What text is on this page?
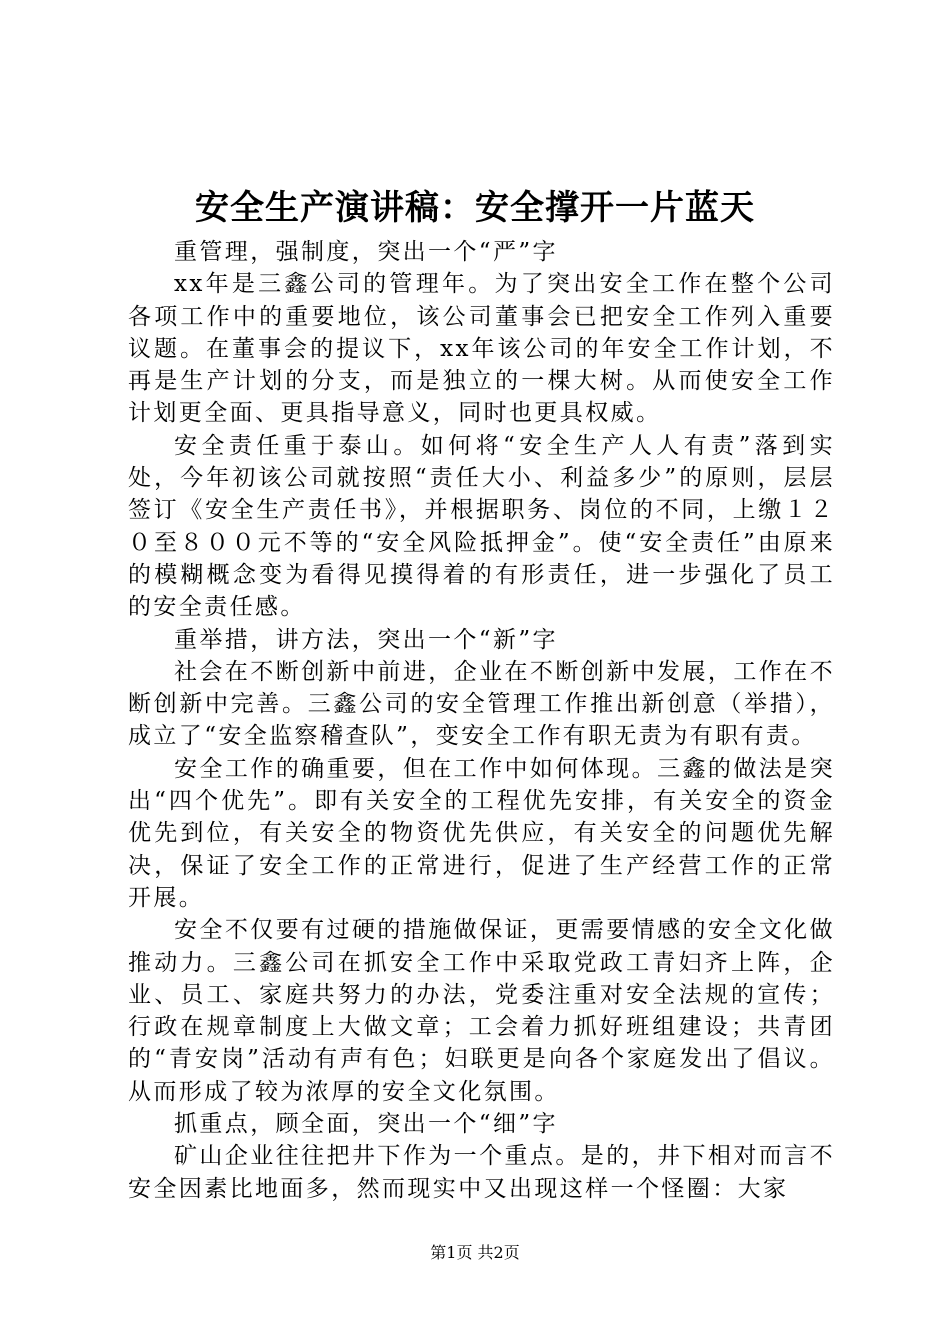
安全生产演讲稿：安全撑开一片蓝天

重管理，强制度，突出一个“严”字

xx年是三鑫公司的管理年。为了突出安全工作在整个公司各项工作中的重要地位，该公司董事会已把安全工作列入重要议题。在董事会的提议下，xx年该公司的年安全工作计划，不再是生产计划的分支，而是独立的一棵大树。从而使安全工作计划更全面、更具指导意义，同时也更具权威。

安全责任重于泰山。如何将“安全生产人人有责”落到实处，今年初该公司就按照“责任大小、利益多少”的原则，层层签订《安全生产责任书》，并根据职务、岗位的不同，上缴１２０至８００元不等的“安全风险抵押金”。使“安全责任”由原来的模糊概念变为看得见摸得着的有形责任，进一步强化了员工的安全责任感。

重举措，讲方法，突出一个“新”字

社会在不断创新中前进，企业在不断创新中发展，工作在不断创新中完善。三鑫公司的安全管理工作推出新创意（举措），成立了“安全监察稽查队”，变安全工作有职无责为有职有责。

安全工作的确重要，但在工作中如何体现。三鑫的做法是突出“四个优先”。即有关安全的工程优先安排，有关安全的资金优先到位，有关安全的物资优先供应，有关安全的问题优先解决，保证了安全工作的正常进行，促进了生产经营工作的正常开展。

安全不仅要有过硬的措施做保证，更需要情感的安全文化做推动力。三鑫公司在抓安全工作中采取党政工青妇齐上阵，企业、员工、家庭共努力的办法，党委注重对安全法规的宣传；行政在规章制度上大做文章；工会着力抓好班组建设；共青团的“青安岗”活动有声有色；妇联更是向各个家庭发出了倡议。从而形成了较为浓厚的安全文化氛围。

抓重点，顾全面，突出一个“细”字

矿山企业往往把井下作为一个重点。是的，井下相对而言不安全因素比地面多，然而现实中又出现这样一个怪圈：大家

第1页 共2页
